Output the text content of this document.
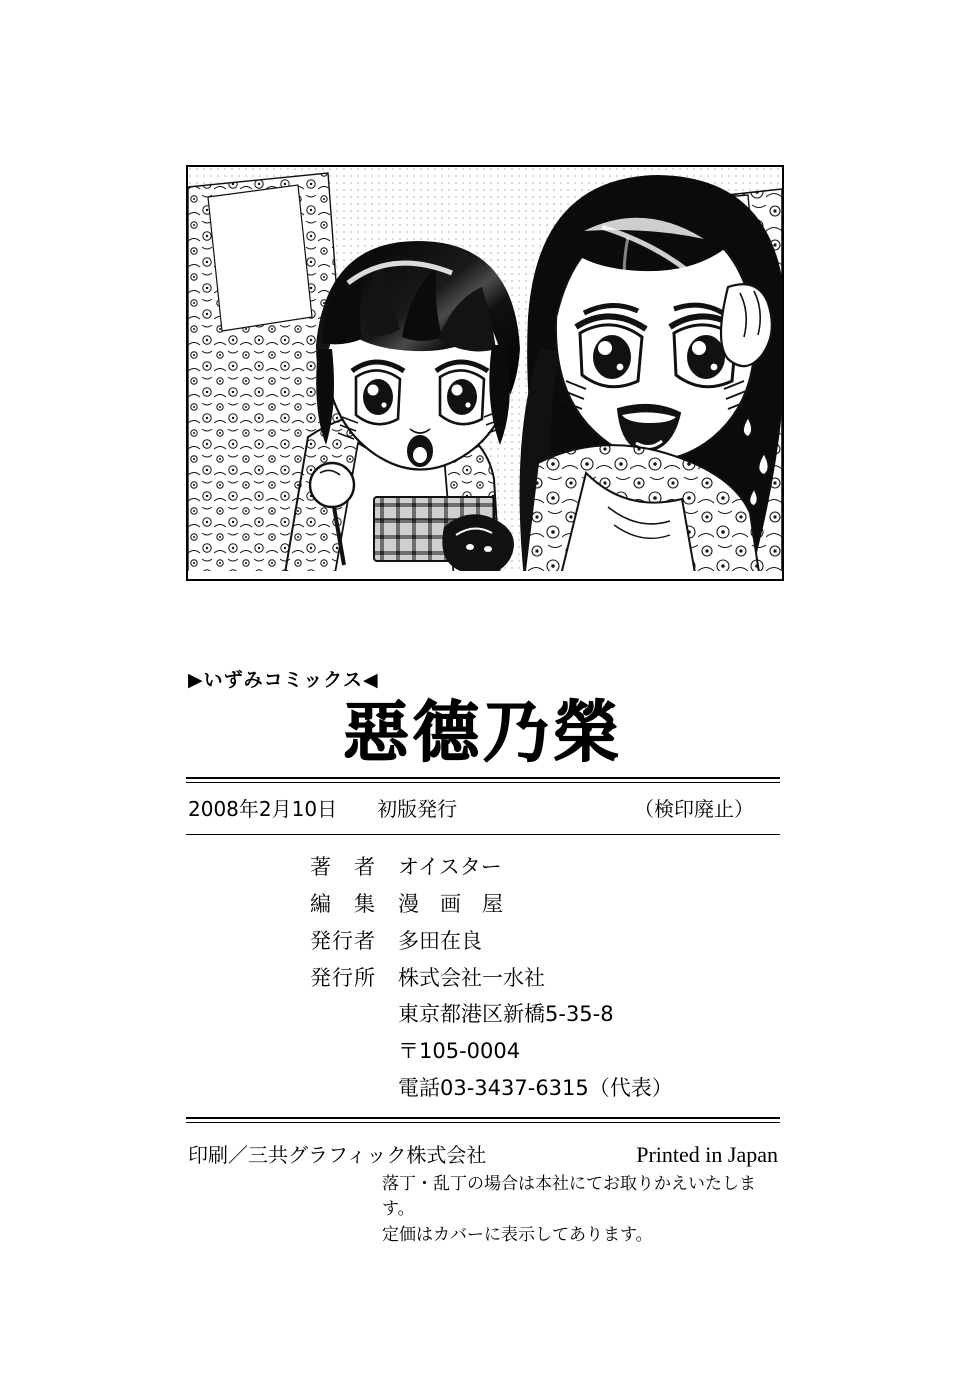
▶いずみコミックス◀
惡德乃榮
2008年2月10日 初版発行	（検印廃止）
著　者	オイスター
編　集	漫　画　屋
発行者	多田在良
発行所	株式会社一水社
東京都港区新橋5-35-8
〒105-0004
電話03-3437-6315（代表）
印刷／三共グラフィック株式会社	Printed in Japan
落丁・乱丁の場合は本社にてお取りかえいたします。
定価はカバーに表示してあります。
